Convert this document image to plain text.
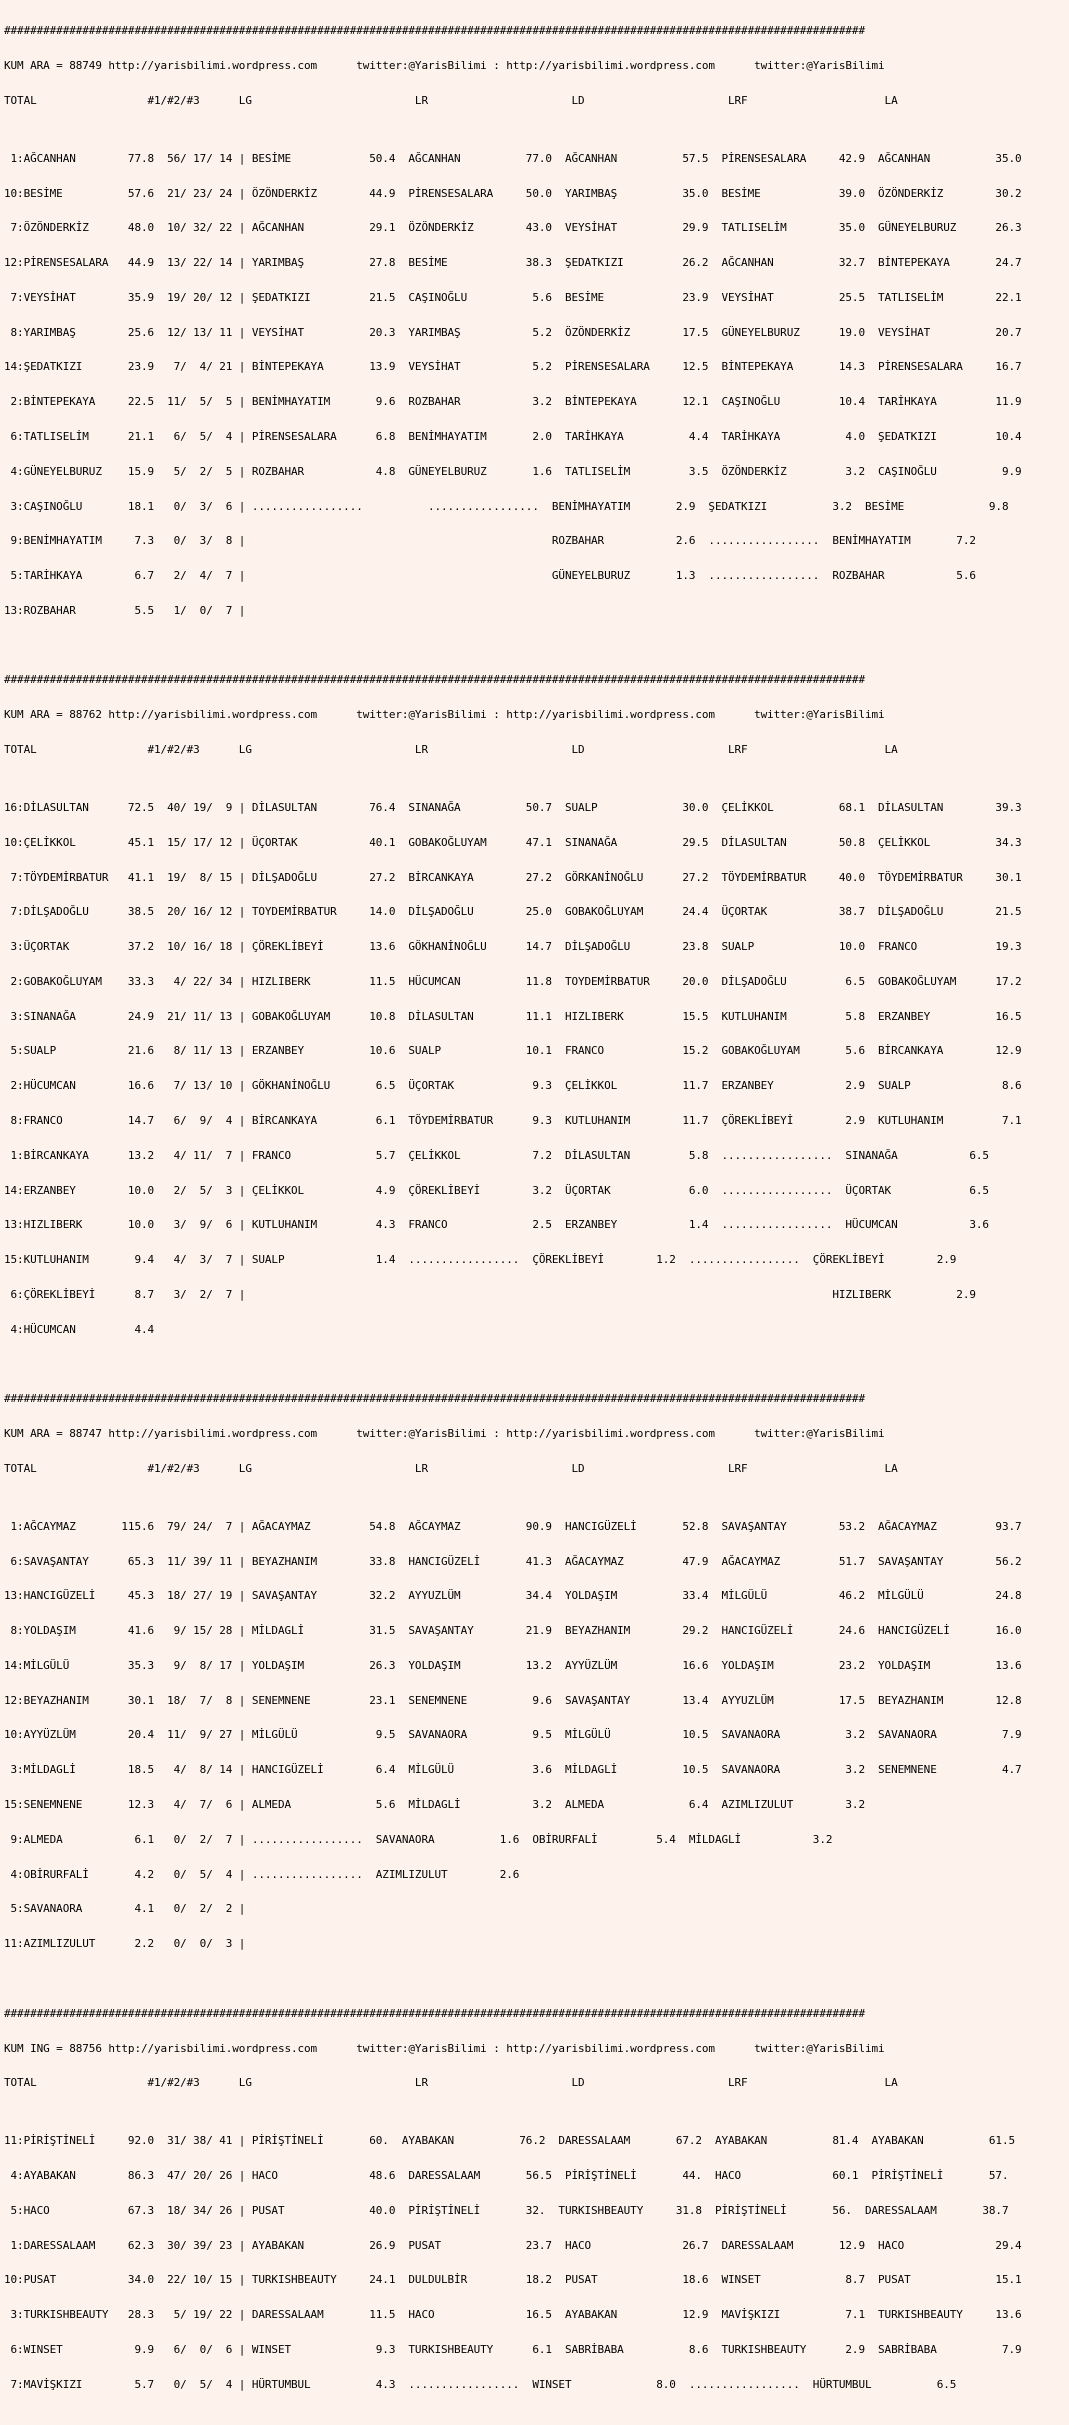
####################################################################################################################################

KUM ARA = 88749 http://yarisbilimi.wordpress.com      twitter:@YarisBilimi : http://yarisbilimi.wordpress.com      twitter:@YarisBilimi

TOTAL                 #1/#2/#3      LG                         LR                      LD                      LRF                     LA

1:AĞCANHAN        77.8  56/ 17/ 14 | BESİME            50.4  AĞCANHAN          77.0  AĞCANHAN          57.5  PİRENSESALARA     42.9  AĞCANHAN          35.0

10:BESİME          57.6  21/ 23/ 24 | ÖZÖNDERKİZ        44.9  PİRENSESALARA     50.0  YARIMBAŞ          35.0  BESİME            39.0  ÖZÖNDERKİZ        30.2

7:ÖZÖNDERKİZ      48.0  10/ 32/ 22 | AĞCANHAN          29.1  ÖZÖNDERKİZ        43.0  VEYSİHAT          29.9  TATLISELİM        35.0  GÜNEYELBURUZ      26.3

12:PİRENSESALARA   44.9  13/ 22/ 14 | YARIMBAŞ          27.8  BESİME            38.3  ŞEDATKIZI         26.2  AĞCANHAN          32.7  BİNTEPEKAYA       24.7

7:VEYSİHAT        35.9  19/ 20/ 12 | ŞEDATKIZI         21.5  CAŞINOĞLU          5.6  BESİME            23.9  VEYSİHAT          25.5  TATLISELİM        22.1

8:YARIMBAŞ        25.6  12/ 13/ 11 | VEYSİHAT          20.3  YARIMBAŞ           5.2  ÖZÖNDERKİZ        17.5  GÜNEYELBURUZ      19.0  VEYSİHAT          20.7

14:ŞEDATKIZI       23.9   7/  4/ 21 | BİNTEPEKAYA       13.9  VEYSİHAT           5.2  PİRENSESALARA     12.5  BİNTEPEKAYA       14.3  PİRENSESALARA     16.7

2:BİNTEPEKAYA     22.5  11/  5/  5 | BENİMHAYATIM       9.6  ROZBAHAR           3.2  BİNTEPEKAYA       12.1  CAŞINOĞLU         10.4  TARİHKAYA         11.9

6:TATLISELİM      21.1   6/  5/  4 | PİRENSESALARA      6.8  BENİMHAYATIM       2.0  TARİHKAYA          4.4  TARİHKAYA          4.0  ŞEDATKIZI         10.4

4:GÜNEYELBURUZ    15.9   5/  2/  5 | ROZBAHAR           4.8  GÜNEYELBURUZ       1.6  TATLISELİM         3.5  ÖZÖNDERKİZ         3.2  CAŞINOĞLU          9.9

3:CAŞINOĞLU       18.1   0/  3/  6 | .................          .................  BENİMHAYATIM       2.9  ŞEDATKIZI          3.2  BESİME             9.8

9:BENİMHAYATIM     7.3   0/  3/  8 |                                               ROZBAHAR           2.6  .................  BENİMHAYATIM       7.2

5:TARİHKAYA        6.7   2/  4/  7 |                                               GÜNEYELBURUZ       1.3  .................  ROZBAHAR           5.6

13:ROZBAHAR         5.5   1/  0/  7 |

####################################################################################################################################

KUM ARA = 88762 http://yarisbilimi.wordpress.com      twitter:@YarisBilimi : http://yarisbilimi.wordpress.com      twitter:@YarisBilimi

TOTAL                 #1/#2/#3      LG                         LR                      LD                      LRF                     LA

16:DİLASULTAN      72.5  40/ 19/  9 | DİLASULTAN        76.4  SINANAĞA          50.7  SUALP             30.0  ÇELİKKOL          68.1  DİLASULTAN        39.3

10:ÇELİKKOL        45.1  15/ 17/ 12 | ÜÇORTAK           40.1  GOBAKOĞLUYAM      47.1  SINANAĞA          29.5  DİLASULTAN        50.8  ÇELİKKOL          34.3

7:TÖYDEMİRBATUR   41.1  19/  8/ 15 | DİLŞADOĞLU        27.2  BİRCANKAYA        27.2  GÖRKANİNOĞLU      27.2  TÖYDEMİRBATUR     40.0  TÖYDEMİRBATUR     30.1

7:DİLŞADOĞLU      38.5  20/ 16/ 12 | TOYDEMİRBATUR     14.0  DİLŞADOĞLU        25.0  GOBAKOĞLUYAM      24.4  ÜÇORTAK           38.7  DİLŞADOĞLU        21.5

3:ÜÇORTAK         37.2  10/ 16/ 18 | ÇÖREKLİBEYİ       13.6  GÖKHANİNOĞLU      14.7  DİLŞADOĞLU        23.8  SUALP             10.0  FRANCO            19.3

2:GOBAKOĞLUYAM    33.3   4/ 22/ 34 | HIZLIBERK         11.5  HÜCUMCAN          11.8  TOYDEMİRBATUR     20.0  DİLŞADOĞLU         6.5  GOBAKOĞLUYAM      17.2

3:SINANAĞA        24.9  21/ 11/ 13 | GOBAKOĞLUYAM      10.8  DİLASULTAN        11.1  HIZLIBERK         15.5  KUTLUHANIM         5.8  ERZANBEY          16.5

5:SUALP           21.6   8/ 11/ 13 | ERZANBEY          10.6  SUALP             10.1  FRANCO            15.2  GOBAKOĞLUYAM       5.6  BİRCANKAYA        12.9

2:HÜCUMCAN        16.6   7/ 13/ 10 | GÖKHANİNOĞLU       6.5  ÜÇORTAK            9.3  ÇELİKKOL          11.7  ERZANBEY           2.9  SUALP              8.6

8:FRANCO          14.7   6/  9/  4 | BİRCANKAYA         6.1  TÖYDEMİRBATUR      9.3  KUTLUHANIM        11.7  ÇÖREKLİBEYİ        2.9  KUTLUHANIM         7.1

1:BİRCANKAYA      13.2   4/ 11/  7 | FRANCO             5.7  ÇELİKKOL           7.2  DİLASULTAN         5.8  .................  SINANAĞA           6.5

14:ERZANBEY        10.0   2/  5/  3 | ÇELİKKOL           4.9  ÇÖREKLİBEYİ        3.2  ÜÇORTAK            6.0  .................  ÜÇORTAK            6.5

13:HIZLIBERK       10.0   3/  9/  6 | KUTLUHANIM         4.3  FRANCO             2.5  ERZANBEY           1.4  .................  HÜCUMCAN           3.6

15:KUTLUHANIM       9.4   4/  3/  7 | SUALP              1.4  .................  ÇÖREKLİBEYİ        1.2  .................  ÇÖREKLİBEYİ        2.9

6:ÇÖREKLİBEYİ      8.7   3/  2/  7 |                                                                                          HIZLIBERK          2.9

4:HÜCUMCAN         4.4

####################################################################################################################################

KUM ARA = 88747 http://yarisbilimi.wordpress.com      twitter:@YarisBilimi : http://yarisbilimi.wordpress.com      twitter:@YarisBilimi

TOTAL                 #1/#2/#3      LG                         LR                      LD                      LRF                     LA

1:AĞCAYMAZ       115.6  79/ 24/  7 | AĞACAYMAZ         54.8  AĞCAYMAZ          90.9  HANCIGÜZELİ       52.8  SAVAŞANTAY        53.2  AĞACAYMAZ         93.7

6:SAVAŞANTAY      65.3  11/ 39/ 11 | BEYAZHANIM        33.8  HANCIGÜZELİ       41.3  AĞACAYMAZ         47.9  AĞACAYMAZ         51.7  SAVAŞANTAY        56.2

13:HANCIGÜZELİ     45.3  18/ 27/ 19 | SAVAŞANTAY        32.2  AYYUZLÜM          34.4  YOLDAŞIM          33.4  MİLGÜLÜ           46.2  MİLGÜLÜ           24.8

8:YOLDAŞIM        41.6   9/ 15/ 28 | MİLDAGLİ          31.5  SAVAŞANTAY        21.9  BEYAZHANIM        29.2  HANCIGÜZELİ       24.6  HANCIGÜZELİ       16.0

14:MİLGÜLÜ         35.3   9/  8/ 17 | YOLDAŞIM          26.3  YOLDAŞIM          13.2  AYYÜZLÜM          16.6  YOLDAŞIM          23.2  YOLDAŞIM          13.6

12:BEYAZHANIM      30.1  18/  7/  8 | SENEMNENE         23.1  SENEMNENE          9.6  SAVAŞANTAY        13.4  AYYUZLÜM          17.5  BEYAZHANIM        12.8

10:AYYÜZLÜM        20.4  11/  9/ 27 | MİLGÜLÜ            9.5  SAVANAORA          9.5  MİLGÜLÜ           10.5  SAVANAORA          3.2  SAVANAORA          7.9

3:MİLDAGLİ        18.5   4/  8/ 14 | HANCIGÜZELİ        6.4  MİLGÜLÜ            3.6  MİLDAGLİ          10.5  SAVANAORA          3.2  SENEMNENE          4.7

15:SENEMNENE       12.3   4/  7/  6 | ALMEDA             5.6  MİLDAGLİ           3.2  ALMEDA             6.4  AZIMLIZULUT        3.2

9:ALMEDA           6.1   0/  2/  7 | .................  SAVANAORA          1.6  OBİRURFALİ         5.4  MİLDAGLİ           3.2

4:OBİRURFALİ       4.2   0/  5/  4 | .................  AZIMLIZULUT        2.6

5:SAVANAORA        4.1   0/  2/  2 |

11:AZIMLIZULUT      2.2   0/  0/  3 |

####################################################################################################################################

KUM ING = 88756 http://yarisbilimi.wordpress.com      twitter:@YarisBilimi : http://yarisbilimi.wordpress.com      twitter:@YarisBilimi

TOTAL                 #1/#2/#3      LG                         LR                      LD                      LRF                     LA

11:PİRİŞTİNELİ     92.0  31/ 38/ 41 | PİRİŞTİNELİ       60.  AYABAKAN          76.2  DARESSALAAM       67.2  AYABAKAN          81.4  AYABAKAN          61.5

4:AYABAKAN        86.3  47/ 20/ 26 | HACO              48.6  DARESSALAAM       56.5  PİRİŞTİNELİ       44.  HACO              60.1  PİRİŞTİNELİ       57.

5:HACO            67.3  18/ 34/ 26 | PUSAT             40.0  PİRİŞTİNELİ       32.  TURKISHBEAUTY     31.8  PİRİŞTİNELİ       56.  DARESSALAAM       38.7

1:DARESSALAAM     62.3  30/ 39/ 23 | AYABAKAN          26.9  PUSAT             23.7  HACO              26.7  DARESSALAAM       12.9  HACO              29.4

10:PUSAT           34.0  22/ 10/ 15 | TURKISHBEAUTY     24.1  DULDULBİR         18.2  PUSAT             18.6  WINSET             8.7  PUSAT             15.1

3:TURKISHBEAUTY   28.3   5/ 19/ 22 | DARESSALAAM       11.5  HACO              16.5  AYABAKAN          12.9  MAVİŞKIZI          7.1  TURKISHBEAUTY     13.6

6:WINSET           9.9   6/  0/  6 | WINSET             9.3  TURKISHBEAUTY      6.1  SABRİBABA          8.6  TURKISHBEAUTY      2.9  SABRİBABA          7.9

7:MAVİŞKIZI        5.7   0/  5/  4 | HÜRTUMBUL          4.3  .................  WINSET             8.0  .................  HÜRTUMBUL          6.5
